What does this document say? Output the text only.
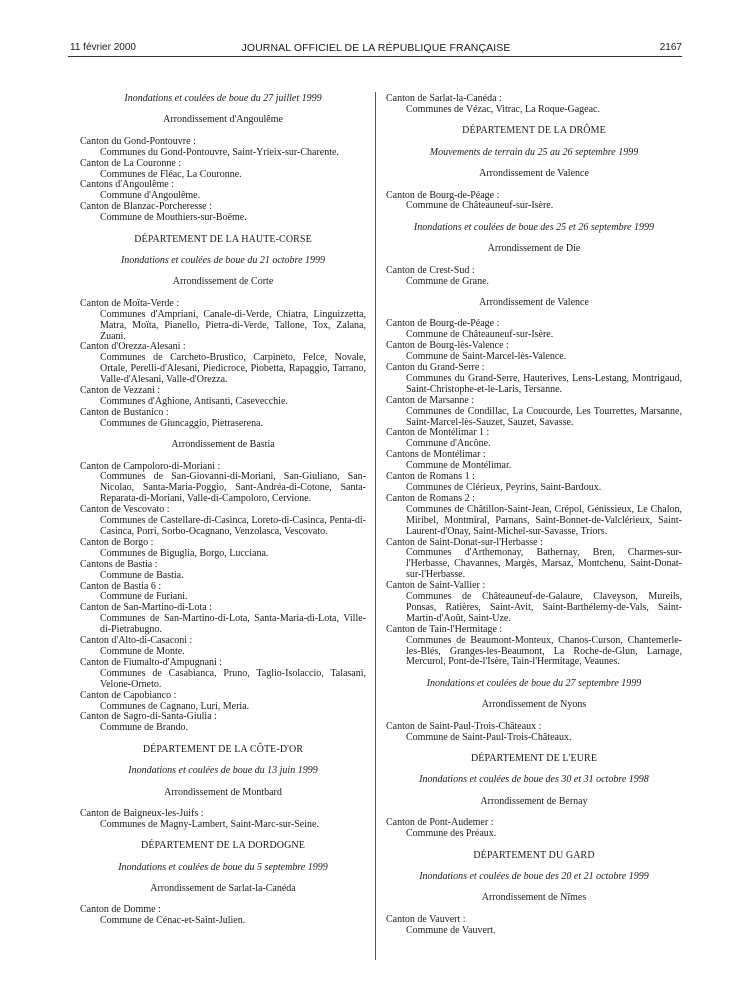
JOURNAL OFFICIEL DE LA RÉPUBLIQUE FRANÇAISE
11 février 2000	2167

Inondations et coulées de boue du 27 juillet 1999

Arrondissement d'Angoulême

Canton du Gond-Pontouvre :

Communes du Gond-Pontouvre, Saint-Yrieix-sur-Charente.

Canton de La Couronne :

Communes de Fléac, La Couronne.

Cantons d'Angoulême :

Commune d'Angoulême.

Canton de Blanzac-Porcheresse :

Commune de Mouthiers-sur-Boëme.

DÉPARTEMENT DE LA HAUTE-CORSE

Inondations et coulées de boue du 21 octobre 1999

Arrondissement de Corte

Canton de Moïta-Verde :

Communes d'Ampriani, Canale-di-Verde, Chiatra, Linguizzetta, Matra, Moïta, Pianello, Pietra-di-Verde, Tallone, Tox, Zalana, Zuani.

Canton d'Orezza-Alesani :

Communes de Carcheto-Brustico, Carpineto, Felce, Novale, Ortale, Perelli-d'Alesani, Piedicroce, Piobetta, Rapaggio, Tarrano, Valle-d'Alesani, Valle-d'Orezza.

Canton de Vezzani :

Communes d'Aghione, Antisanti, Casevecchie.

Canton de Bustanico :

Communes de Giuncaggio, Pietraserena.

Arrondissement de Bastia

Canton de Campoloro-di-Moriani :

Communes de San-Giovanni-di-Moriani, San-Giuliano, San-Nicolao, Santa-Maria-Poggio, Sant-Andréa-di-Cotone, Santa-Reparata-di-Moriani, Valle-di-Campoloro, Cervione.

Canton de Vescovato :

Communes de Castellare-di-Casinca, Loreto-di-Casinca, Penta-di-Casinca, Porri, Sorbo-Ocagnano, Venzolasca, Vescovato.

Canton de Borgo :

Communes de Biguglia, Borgo, Lucciana.

Cantons de Bastia :

Commune de Bastia.

Canton de Bastia 6 :

Commune de Furiani.

Canton de San-Martino-di-Lota :

Communes de San-Martino-di-Lota, Santa-Maria-di-Lota, Ville-di-Pietrabugno.

Canton d'Alto-di-Casaconi :

Commune de Monte.

Canton de Fiumalto-d'Ampugnani :

Communes de Casabianca, Pruno, Taglio-Isolaccio, Talasani, Velone-Orneto.

Canton de Capobianco :

Communes de Cagnano, Luri, Meria.

Canton de Sagro-di-Santa-Giulia :

Commune de Brando.

DÉPARTEMENT DE LA CÔTE-D'OR

Inondations et coulées de boue du 13 juin 1999

Arrondissement de Montbard

Canton de Baigneux-les-Juifs :

Communes de Magny-Lambert, Saint-Marc-sur-Seine.

DÉPARTEMENT DE LA DORDOGNE

Inondations et coulées de boue du 5 septembre 1999

Arrondissement de Sarlat-la-Canéda

Canton de Domme :

Commune de Cénac-et-Saint-Julien.

Canton de Sarlat-la-Canéda :

Communes de Vézac, Vitrac, La Roque-Gageac.

DÉPARTEMENT DE LA DRÔME

Mouvements de terrain du 25 au 26 septembre 1999

Arrondissement de Valence

Canton de Bourg-de-Péage :

Commune de Châteauneuf-sur-Isère.

Inondations et coulées de boue des 25 et 26 septembre 1999

Arrondissement de Die

Canton de Crest-Sud :

Commune de Grane.

Arrondissement de Valence

Canton de Bourg-de-Péage :

Commune de Châteauneuf-sur-Isère.

Canton de Bourg-lès-Valence :

Commune de Saint-Marcel-lès-Valence.

Canton du Grand-Serre :

Communes du Grand-Serre, Hauterives, Lens-Lestang, Montrigaud, Saint-Christophe-et-le-Laris, Tersanne.

Canton de Marsanne :

Communes de Condillac, La Coucourde, Les Tourrettes, Marsanne, Saint-Marcel-lès-Sauzet, Sauzet, Savasse.

Canton de Montélimar 1 :

Commune d'Ancône.

Cantons de Montélimar :

Commune de Montélimar.

Canton de Romans 1 :

Communes de Clérieux, Peyrins, Saint-Bardoux.

Canton de Romans 2 :

Communes de Châtillon-Saint-Jean, Crépol, Génissieux, Le Chalon, Miribel, Montmiral, Parnans, Saint-Bonnet-de-Valclérieux, Saint-Laurent-d'Onay, Saint-Michel-sur-Savasse, Triors.

Canton de Saint-Donat-sur-l'Herbasse :

Communes d'Arthemonay, Bathernay, Bren, Charmes-sur-l'Herbasse, Chavannes, Margès, Marsaz, Montchenu, Saint-Donat-sur-l'Herbasse.

Canton de Saint-Vallier :

Communes de Châteauneuf-de-Galaure, Claveyson, Mureils, Ponsas, Ratières, Saint-Avit, Saint-Barthélemy-de-Vals, Saint-Martin-d'Août, Saint-Uze.

Canton de Tain-l'Hermitage :

Communes de Beaumont-Monteux, Chanos-Curson, Chantemerle-les-Blés, Granges-les-Beaumont, La Roche-de-Glun, Larnage, Mercurol, Pont-de-l'Isère, Tain-l'Hermitage, Veaunes.

Inondations et coulées de boue du 27 septembre 1999

Arrondissement de Nyons

Canton de Saint-Paul-Trois-Châteaux :

Commune de Saint-Paul-Trois-Châteaux.

DÉPARTEMENT DE L'EURE

Inondations et coulées de boue des 30 et 31 octobre 1998

Arrondissement de Bernay

Canton de Pont-Audemer :

Commune des Préaux.

DÉPARTEMENT DU GARD

Inondations et coulées de boue des 20 et 21 octobre 1999

Arrondissement de Nîmes

Canton de Vauvert :

Commune de Vauvert.
